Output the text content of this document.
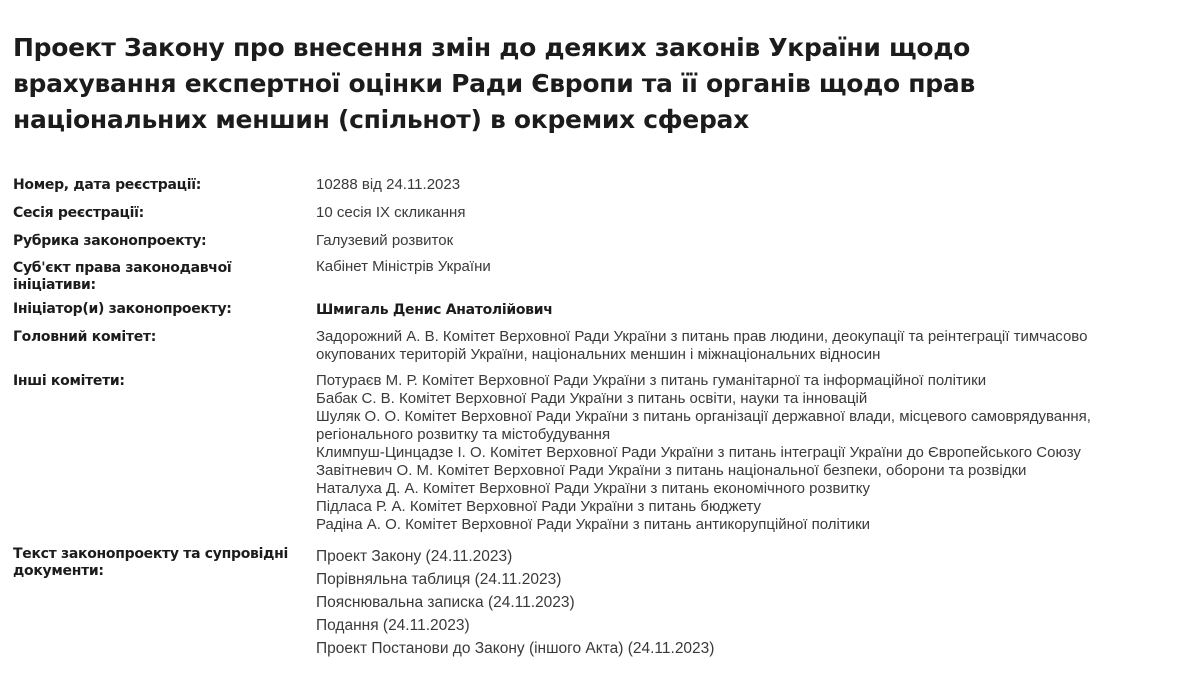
Проект Закону про внесення змін до деяких законів України щодо врахування експертної оцінки Ради Європи та її органів щодо прав національних меншин (спільнот) в окремих сферах
Номер, дата реєстрації:	10288 від 24.11.2023
Сесія реєстрації:	10 сесія IX скликання
Рубрика законопроекту:	Галузевий розвиток
Суб'єкт права законодавчої ініціативи:
Кабінет Міністрів України
Ініціатор(и) законопроекту:	Шмигаль Денис Анатолійович
Головний комітет:	Задорожний А. В. Комітет Верховної Ради України з питань прав людини, деокупації та реінтеграції тимчасово окупованих територій України, національних меншин і міжнаціональних відносин
Інші комітети:	Потураєв М. Р. Комітет Верховної Ради України з питань гуманітарної та інформаційної політики
Бабак С. В. Комітет Верховної Ради України з питань освіти, науки та інновацій
Шуляк О. О. Комітет Верховної Ради України з питань організації державної влади, місцевого самоврядування, регіонального розвитку та містобудування
Климпуш-Цинцадзе І. О. Комітет Верховної Ради України з питань інтеграції України до Європейського Союзу
Завітневич О. М. Комітет Верховної Ради України з питань національної безпеки, оборони та розвідки
Наталуха Д. А. Комітет Верховної Ради України з питань економічного розвитку
Підласа Р. А. Комітет Верховної Ради України з питань бюджету
Радіна А. О. Комітет Верховної Ради України з питань антикорупційної політики
Текст законопроекту та супровідні документи:
Проект Закону (24.11.2023)
Порівняльна таблиця (24.11.2023)
Пояснювальна записка (24.11.2023)
Подання (24.11.2023)
Проект Постанови до Закону (іншого Акта) (24.11.2023)
